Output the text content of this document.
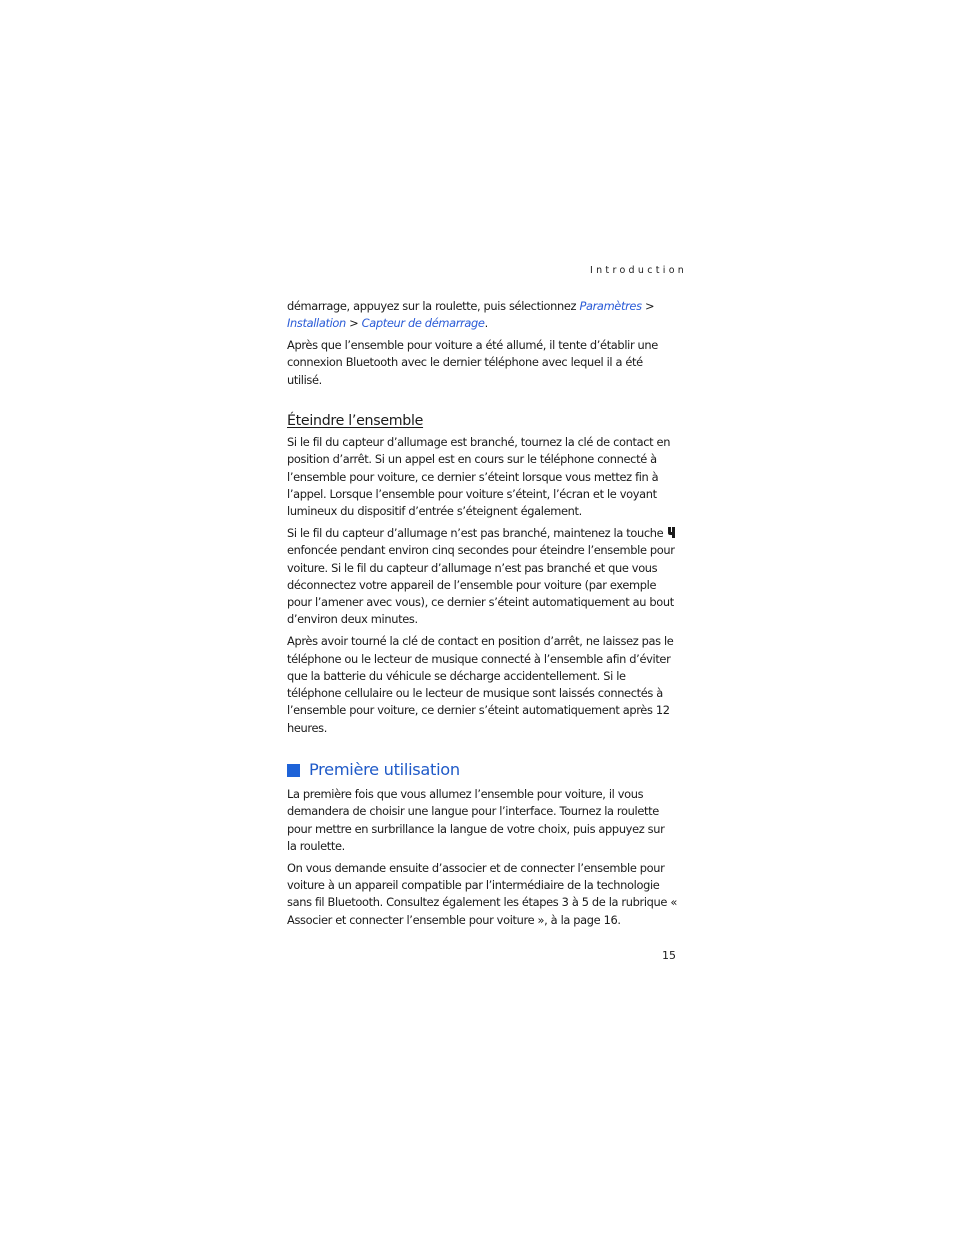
Introduction

démarrage, appuyez sur la roulette, puis sélectionnez Paramètres > Installation > Capteur de démarrage.

Après que l’ensemble pour voiture a été allumé, il tente d’établir une connexion Bluetooth avec le dernier téléphone avec lequel il a été utilisé.

Éteindre l’ensemble

Si le fil du capteur d’allumage est branché, tournez la clé de contact en position d’arrêt. Si un appel est en cours sur le téléphone connecté à l’ensemble pour voiture, ce dernier s’éteint lorsque vous mettez fin à l’appel. Lorsque l’ensemble pour voiture s’éteint, l’écran et le voyant lumineux du dispositif d’entrée s’éteignent également.

Si le fil du capteur d’allumage n’est pas branché, maintenez la touche enfoncée pendant environ cinq secondes pour éteindre l’ensemble pour voiture. Si le fil du capteur d’allumage n’est pas branché et que vous déconnectez votre appareil de l’ensemble pour voiture (par exemple pour l’amener avec vous), ce dernier s’éteint automatiquement au bout d’environ deux minutes.

Après avoir tourné la clé de contact en position d’arrêt, ne laissez pas le téléphone ou le lecteur de musique connecté à l’ensemble afin d’éviter que la batterie du véhicule se décharge accidentellement. Si le téléphone cellulaire ou le lecteur de musique sont laissés connectés à l’ensemble pour voiture, ce dernier s’éteint automatiquement après 12 heures.

Première utilisation

La première fois que vous allumez l’ensemble pour voiture, il vous demandera de choisir une langue pour l’interface. Tournez la roulette pour mettre en surbrillance la langue de votre choix, puis appuyez sur la roulette.

On vous demande ensuite d’associer et de connecter l’ensemble pour voiture à un appareil compatible par l’intermédiaire de la technologie sans fil Bluetooth. Consultez également les étapes 3 à 5 de la rubrique « Associer et connecter l’ensemble pour voiture », à la page 16.

15
